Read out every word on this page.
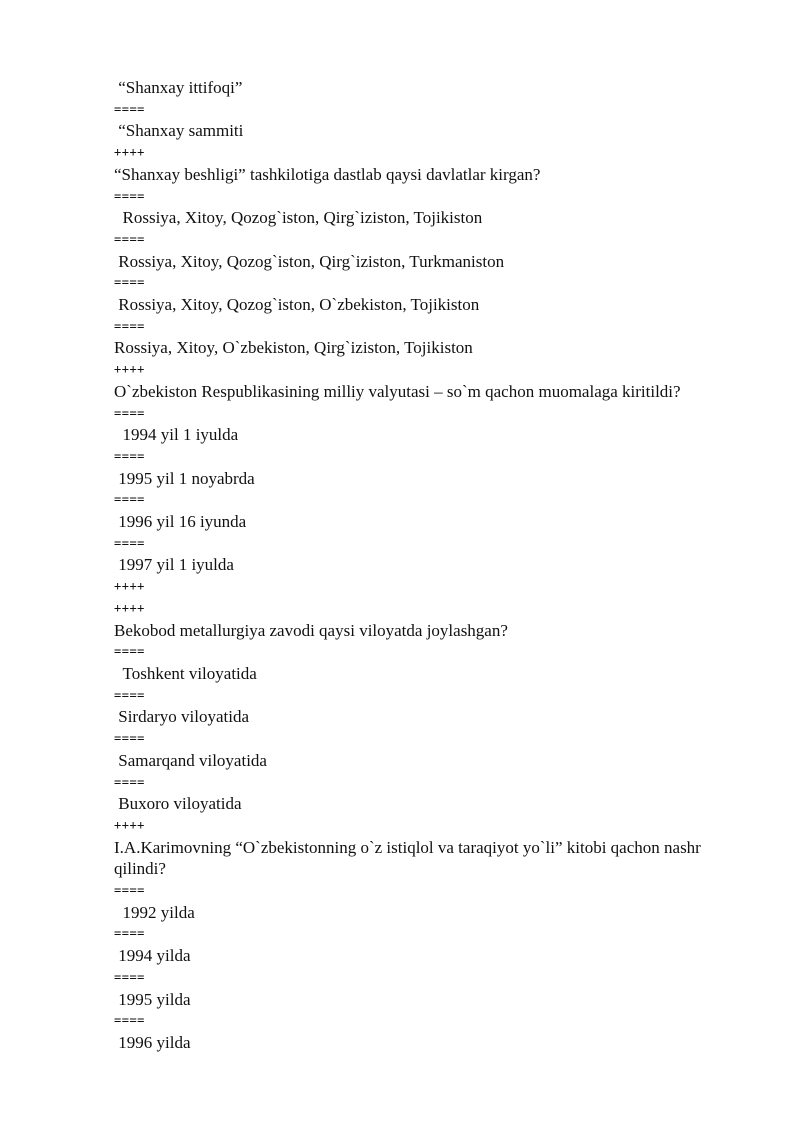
“Shanxay ittifoqi”

====

“Shanxay sammiti

++++

“Shanxay beshligi” tashkilotiga dastlab qaysi davlatlar kirgan?

====

Rossiya, Xitoy, Qozog`iston, Qirg`iziston, Tojikiston

====

Rossiya, Xitoy, Qozog`iston, Qirg`iziston, Turkmaniston

====

Rossiya, Xitoy, Qozog`iston, O`zbekiston, Tojikiston

====

Rossiya, Xitoy, O`zbekiston, Qirg`iziston, Tojikiston

++++

O`zbekiston Respublikasining milliy valyutasi – so`m qachon muomalaga kiritildi?

====

1994 yil 1 iyulda

====

1995 yil 1 noyabrda

====

1996 yil 16 iyunda

====

1997 yil 1 iyulda

++++

++++

Bekobod metallurgiya zavodi qaysi viloyatda joylashgan?

====

Toshkent viloyatida

====

Sirdaryo viloyatida

====

Samarqand viloyatida

====

Buxoro viloyatida

++++

I.A.Karimovning “O`zbekistonning o`z istiqlol va taraqiyot yo`li” kitobi qachon nashr qilindi?

====

1992 yilda

====

1994 yilda

====

1995 yilda

====

1996 yilda
